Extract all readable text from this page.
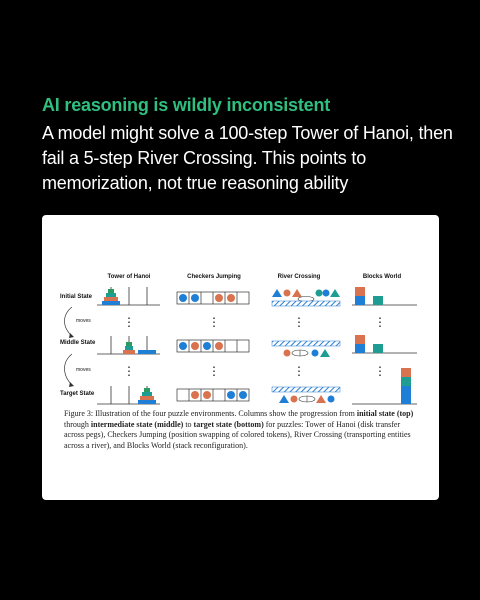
AI reasoning is wildly inconsistent
A model might solve a 100-step Tower of Hanoi, then fail a 5-step River Crossing. This points to memorization, not true reasoning ability
Tower of Hanoi	Checkers Jumping	River Crossing	Blocks World
Initial State
Middle State
Target State
moves
moves
⋮	⋮	⋮	⋮
⋮	⋮	⋮	⋮
Figure 3: Illustration of the four puzzle environments. Columns show the progression from initial state (top) through intermediate state (middle) to target state (bottom) for puzzles: Tower of Hanoi (disk transfer across pegs), Checkers Jumping (position swapping of colored tokens), River Crossing (transporting entities across a river), and Blocks World (stack reconfiguration).
